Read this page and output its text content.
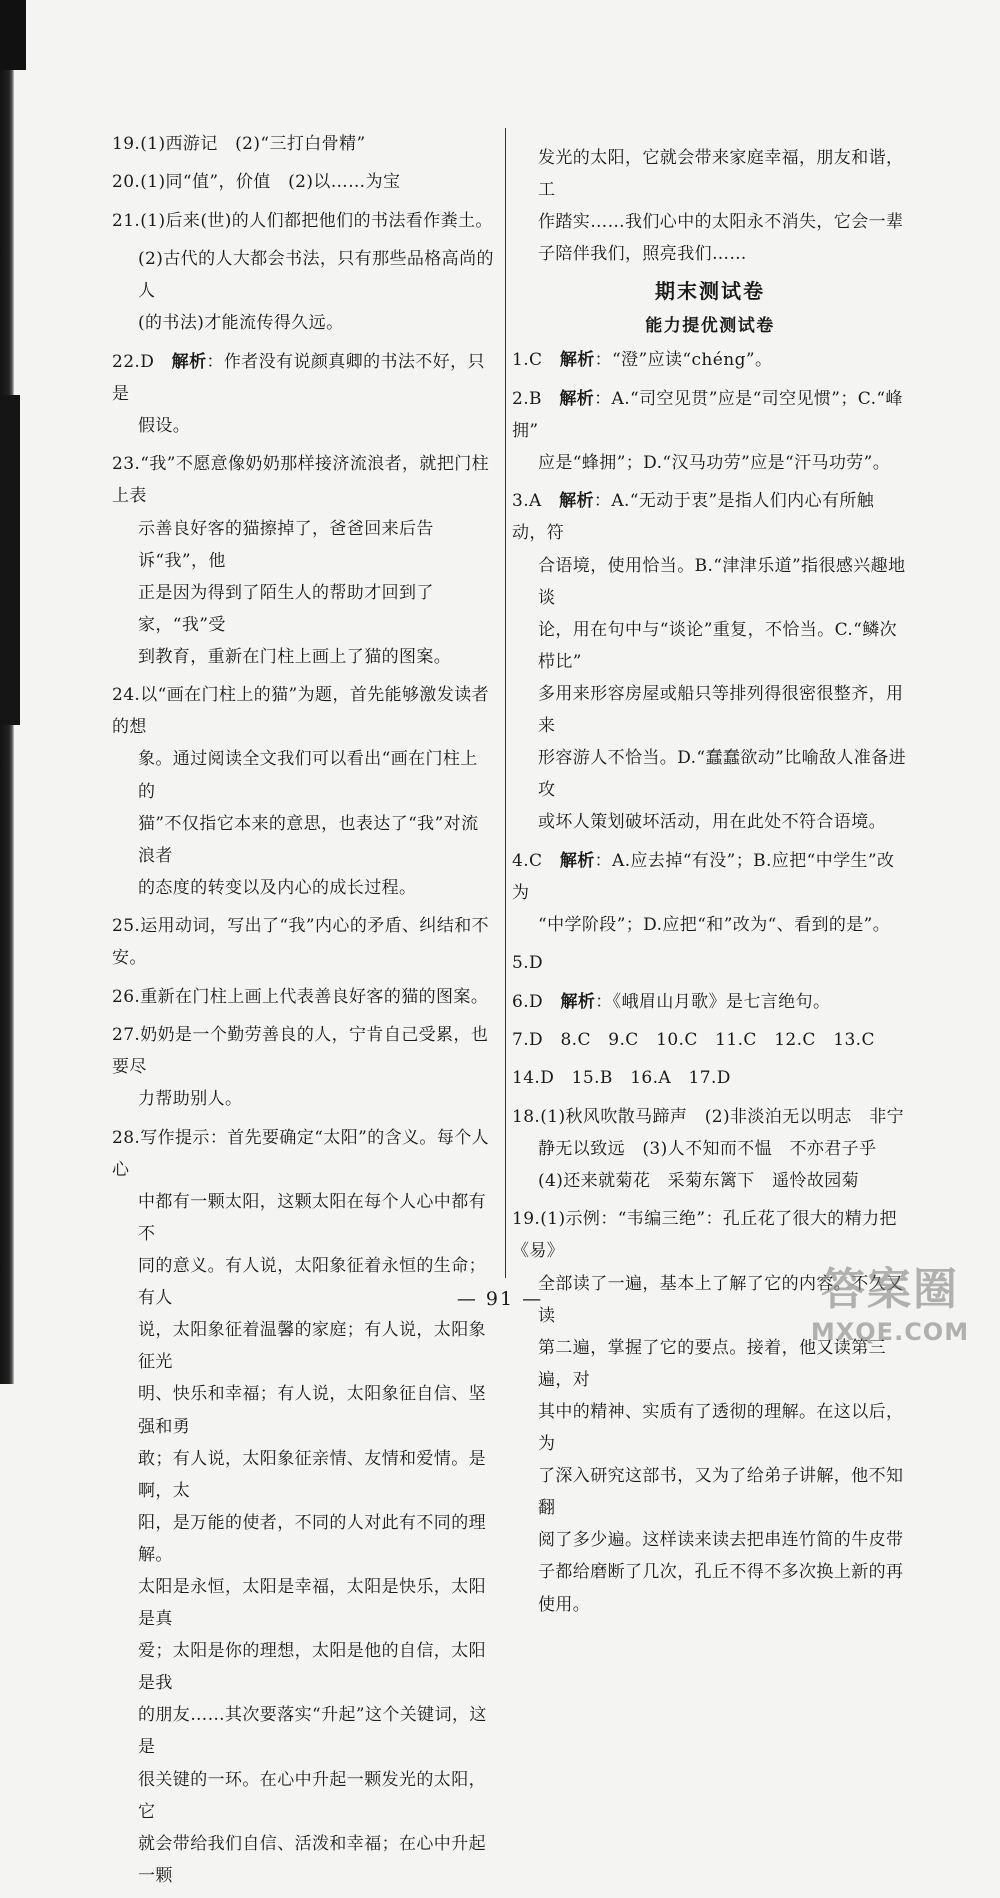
19.(1)西游记　(2)“三打白骨精”
20.(1)同“值”，价值　(2)以……为宝
21.(1)后来(世)的人们都把他们的书法看作粪土。
(2)古代的人大都会书法，只有那些品格高尚的人
(的书法)才能流传得久远。
22.D　解析：作者没有说颜真卿的书法不好，只是
假设。
23.“我”不愿意像奶奶那样接济流浪者，就把门柱上表
示善良好客的猫擦掉了，爸爸回来后告诉“我”，他
正是因为得到了陌生人的帮助才回到了家，“我”受
到教育，重新在门柱上画上了猫的图案。
24.以“画在门柱上的猫”为题，首先能够激发读者的想
象。通过阅读全文我们可以看出“画在门柱上的
猫”不仅指它本来的意思，也表达了“我”对流浪者
的态度的转变以及内心的成长过程。
25.运用动词，写出了“我”内心的矛盾、纠结和不安。
26.重新在门柱上画上代表善良好客的猫的图案。
27.奶奶是一个勤劳善良的人，宁肯自己受累，也要尽
力帮助别人。
28.写作提示：首先要确定“太阳”的含义。每个人心
中都有一颗太阳，这颗太阳在每个人心中都有不
同的意义。有人说，太阳象征着永恒的生命；有人
说，太阳象征着温馨的家庭；有人说，太阳象征光
明、快乐和幸福；有人说，太阳象征自信、坚强和勇
敢；有人说，太阳象征亲情、友情和爱情。是啊，太
阳，是万能的使者，不同的人对此有不同的理解。
太阳是永恒，太阳是幸福，太阳是快乐，太阳是真
爱；太阳是你的理想，太阳是他的自信，太阳是我
的朋友……其次要落实“升起”这个关键词，这是
很关键的一环。在心中升起一颗发光的太阳，它
就会带给我们自信、活泼和幸福；在心中升起一颗
发光的太阳，它就会带来家庭幸福，朋友和谐，工
作踏实……我们心中的太阳永不消失，它会一辈
子陪伴我们，照亮我们……
期末测试卷
能力提优测试卷
1.C　解析：“澄”应读“chéng”。
2.B　解析：A.“司空见贯”应是“司空见惯”；C.“峰拥”
应是“蜂拥”；D.“汉马功劳”应是“汗马功劳”。
3.A　解析：A.“无动于衷”是指人们内心有所触动，符
合语境，使用恰当。B.“津津乐道”指很感兴趣地谈
论，用在句中与“谈论”重复，不恰当。C.“鳞次栉比”
多用来形容房屋或船只等排列得很密很整齐，用来
形容游人不恰当。D.“蠢蠢欲动”比喻敌人准备进攻
或坏人策划破坏活动，用在此处不符合语境。
4.C　解析：A.应去掉“有没”；B.应把“中学生”改为
“中学阶段”；D.应把“和”改为“、看到的是”。
5.D
6.D　解析：《峨眉山月歌》是七言绝句。
7.D　8.C　9.C　10.C　11.C　12.C　13.C
14.D　15.B　16.A　17.D
18.(1)秋风吹散马蹄声　(2)非淡泊无以明志　非宁
静无以致远　(3)人不知而不愠　不亦君子乎
(4)还来就菊花　采菊东篱下　遥怜故园菊
19.(1)示例：“韦编三绝”：孔丘花了很大的精力把《易》
全部读了一遍，基本上了解了它的内容。不久又读
第二遍，掌握了它的要点。接着，他又读第三遍，对
其中的精神、实质有了透彻的理解。在这以后，为
了深入研究这部书，又为了给弟子讲解，他不知翻
阅了多少遍。这样读来读去把串连竹简的牛皮带
子都给磨断了几次，孔丘不得不多次换上新的再
使用。
— 91 —	答案圈
MXQE.COM
